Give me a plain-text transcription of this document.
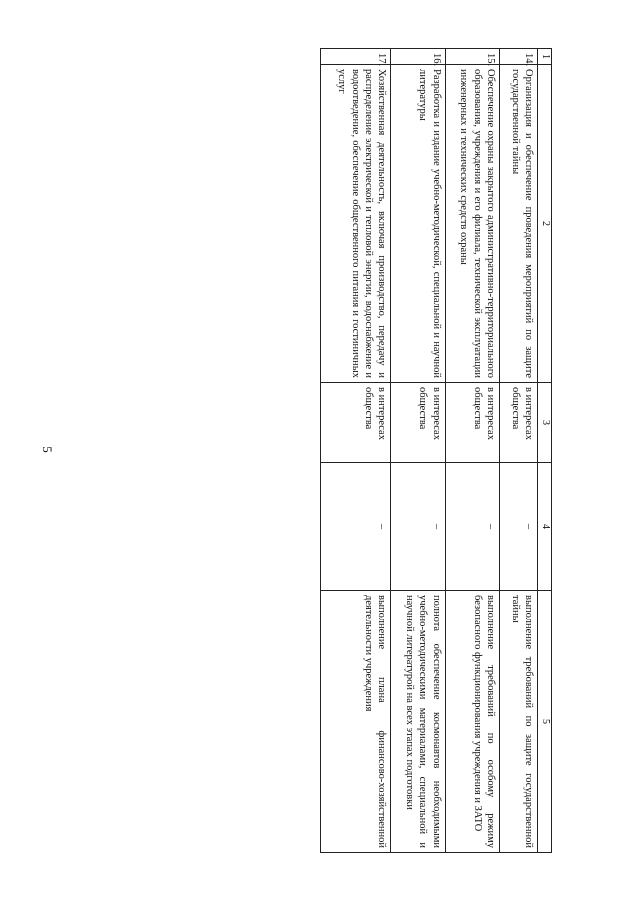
5
1	2	3	4	5
14.	Организация и обеспечение проведения мероприятий по защите государственной тайны	в интересах общества	–	выполнение требований по защите государственной тайны
15.	Обеспечение охраны закрытого административно-территориального образования, учреждения и его филиала, технической эксплуатации инженерных и технических средств охраны	в интересах общества	–	выполнение требований по особому режиму безопасного функционирования учреждения и ЗАТО
16.	Разработка и издание учебно-методической, специальной и научной литературы	в интересах общества	–	полнота обеспечение космонавтов необходимыми учебно-методическими материалами, специальной и научной литературой на всех этапах подготовки
17.	Хозяйственная деятельность, включая производство, передачу и распределение электрической и тепловой энергии, водоснабжение и водоотведение, обеспечение общественного питания и гостиничных услуг	в интересах общества	–	выполнение плана финансово-хозяйственной деятельности учреждения
